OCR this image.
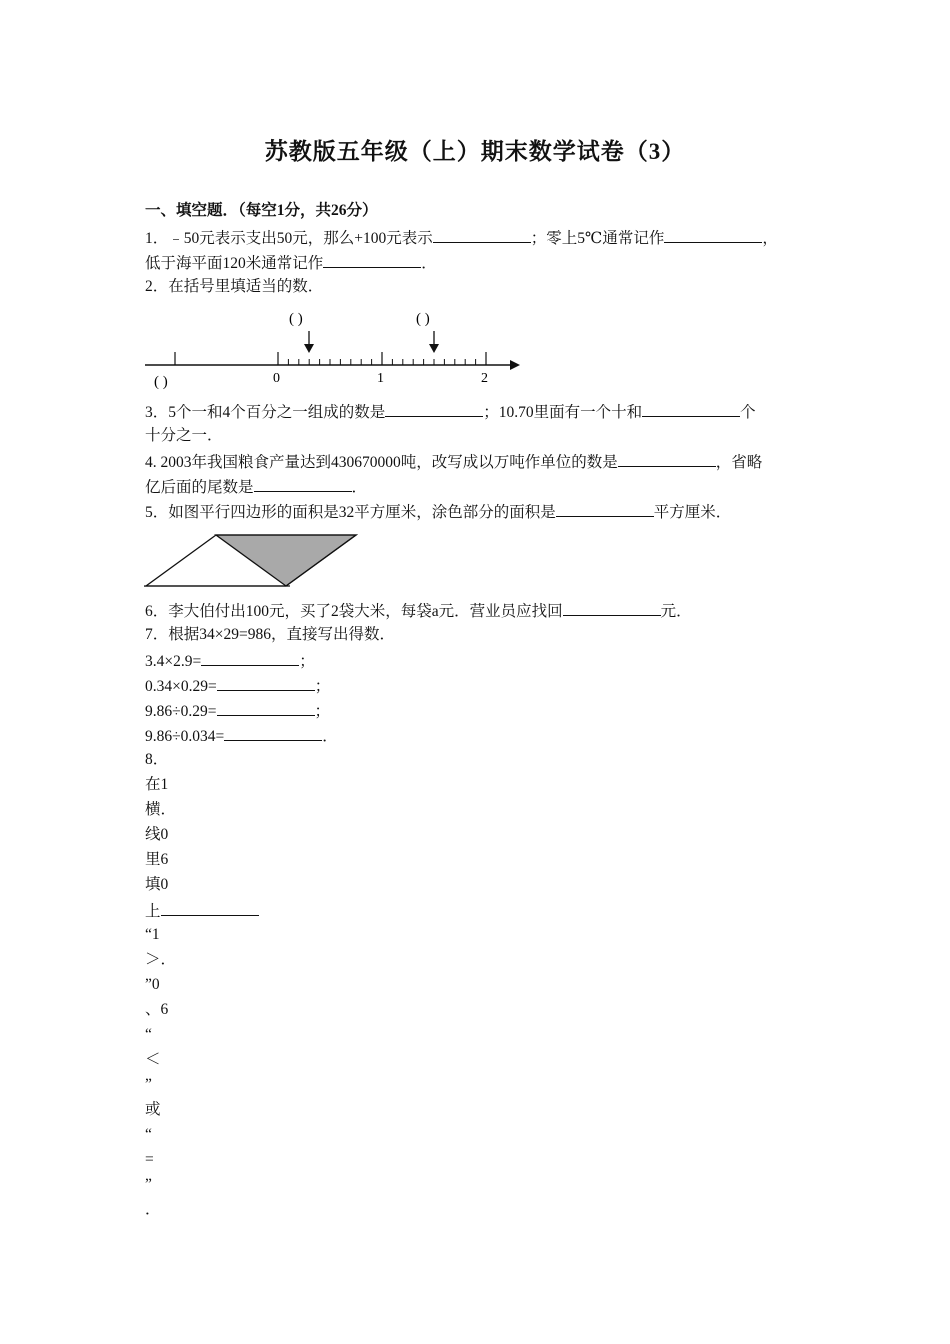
苏教版五年级（上）期末数学试卷（3）
一、填空题．（每空1分，共26分）
1．﹣50元表示支出50元，那么+100元表示	；零上5℃通常记作	，
低于海平面120米通常记作	．
2．在括号里填适当的数．
( )	( )
0	1	2
( )
3．5个一和4个百分之一组成的数是	；10.70里面有一个十和	个
十分之一．
4. 2003年我国粮食产量达到430670000吨，改写成以万吨作单位的数是	，省略
亿后面的尾数是	．
5．如图平行四边形的面积是32平方厘米，涂色部分的面积是	平方厘米．
6．李大伯付出100元，买了2袋大米，每袋a元．营业员应找回	元．
7．根据34×29=986，直接写出得数．
3.4×2.9=	；
0.34×0.29=	；
9.86÷0.29=	；
9.86÷0.034=	．
8．
在1
横．
线0
里6
填0
上
“1
＞．
”0
、6
“
＜
”
或
“
=
”
．
